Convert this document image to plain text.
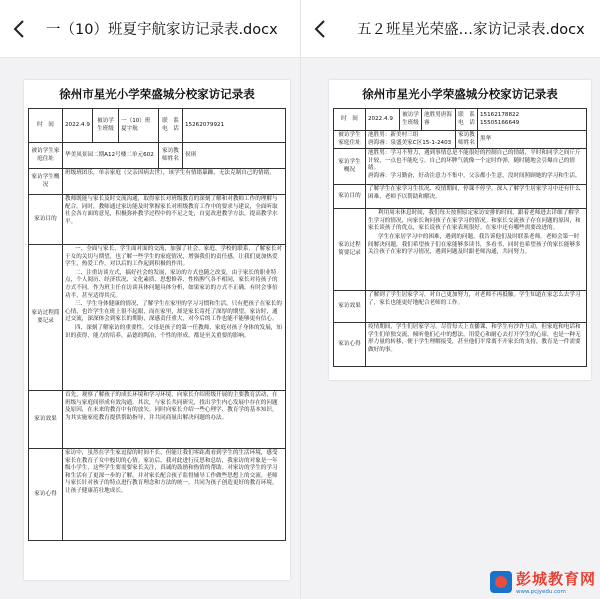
一（10）班夏宇航家访记录表.docx
徐州市星光小学荣盛城分校家访记录表
时　间	2022.4.9	被访学生班级	一（10）班夏宇航	联　系　电　话	15262079921
被访学生家庭住址	华美凤景园二期A12号楼二单元602			家访教师姓名	侯琪
家访学生概况	班级班团乐，单亲家庭（父亲因病去世），该学生有情绪暴躁，无法克制自己的情绪。				
家访目的	教师既能与家长及时交流沟通，取得家长对班级教育的深刻了解和对教师工作的理解与配合。同时，教师通过家访能及时掌握家长对班级教育工作中的要求与建议，全面听取社会各方面的意见，积极弥补教学过程中的不足之处，自觉改进教学方法，提高教学水平。				
家访过程简要记录	一、全面与家长、学生面对面的交流，加强了社会、家庭、学校的联系，了解家长对于女的关切与期望，也了解一些学生的家庭情况，增强我们的责任感，让我们更加热爱学生，热爱工作，对以后的工作起到积极的作用。

二、注重访谈方式，搞好社会的发展，家访的方式也随之改变，由于家长的职业特点，个人阅历、经济状况、文化素质、思想修养、性格脾气各不相同，家长对待孩子的方式不同。作为班主任在访谈具体问题具体分析，如果家访的方式不正确，有时会事倍功半，甚至适得其反。

三、学生身体健康的情况，了解学生在家里的学习习惯和生活，只有把孩子在家长的心情，也许学生在班上很不起眼，而在家里，却是家长寄托了深厚的期望，家访时，通过交流，深深体会到家长的期盼，深感责任重大，对今后的工作也能不能够更有信心。

四、深刻了解家访的重要性。父母是孩子的第一任教师，家庭对孩子身体的发展，知识的获得，能力的培养，品德的陶冶，个性的形成，都是至关重要的影响。				

家访效果	首先，观察了解孩子的成长环境和学习环境，向家长介绍班级开展的主要教育活动，在班级与家庭间形成有效沟通。其次，与家长共同研究，找出学生内心发展中存在的问题及原因，在未来的教育中有的放矢。同时向家长介绍一些心理学、教育学的基本知识，为其实施家庭教育提供帮助指导，并共同商量出解决问题的办法。				
家访心得	家访中，虽然在学生家逗留的时间不长，但能让我们零距离看到学生的生活环境，感受家长在教育子女中般切的心情。家访后，我对此进行反思和总结，我家访的对象是一年级小学生，这些学生要需要家长关注，真诚的鼓励和热情的帮助。对家访的学生的学习和生活有了更深一步的了解，并对家长配合孩子监督辅导工作做些思想上的交流。老师与家长针对孩子的特点进行教育理念和方法的统一，共同为孩子创造更好的教育环境，让孩子健康茁壮地成长。				
五２班星光荣盛…家访记录表.docx
徐州市星光小学荣盛城分校家访记录表
时　间	2022.4.9	被访学生班级	池胜男唐海睿	联　系　电　话	15162178822
15505166649
被访学生家庭住址	池胜男：新美村三组
唐海睿：泉盛美家C区15-1-2403			家访教师姓名	黑华
家访学生概况	池胜男：学习不努力，遇到事情总是不能很好的控制自己的情绪，平时和同学之间斤斤计较，一点也不能吃亏。自己的坏脾气就像一个定时炸弹，随时随地会引爆自己的情绪。
唐海睿：学习勤奋，好动注意力不集中，父亲都小生意，没时间照顾她的学习和生活。				
家访目的	了解学生在家学习生状况、疫情期间，停课不停学，深入了解学生居家学习中还有什么困难，老师予以帮助和解决。				
家访过程简要记录	利用周末休息时间，我们每天按照原定家访安排的时间，跟着老师进去详细了解学生学习的情况，向家长询问孩子在家学习的情况。和家长交流孩子存在问题的原因，和家长谈孩子的优点，家长说孩子在家表现很好。在家中还有哪些需要改进的。

学生在家居学习中的困难，遇到的问题，我告诉他们及时联系老师。老师会第一时间解决问题，我们希望孩子们在家能够多读书，多看书，同时也希望孩子的家长能够多关注孩子在家的学习情况，遇到问题及时跟老师沟通，共同努力。				

家访效果	了解到了学生居家学习，对自己更加努力，对老师不再抵触。学生知道在家怎么去学习了，家长也能更好地配合老师的工作。				
家访心得	疫情期间，学生们居家学习，尽管每天上直播课，和学生有沙许互动，但家庭和电话和学生们单独交流，倾听他们心中的想法，用爱心和耐心去打开学生的心扉，也是一种无形力量的转移，便于学生理解接受，甚至他们平常离不开家长的支持，教育是一件需要做好的事。				
彭城教育网
www.pcjyedu.com
